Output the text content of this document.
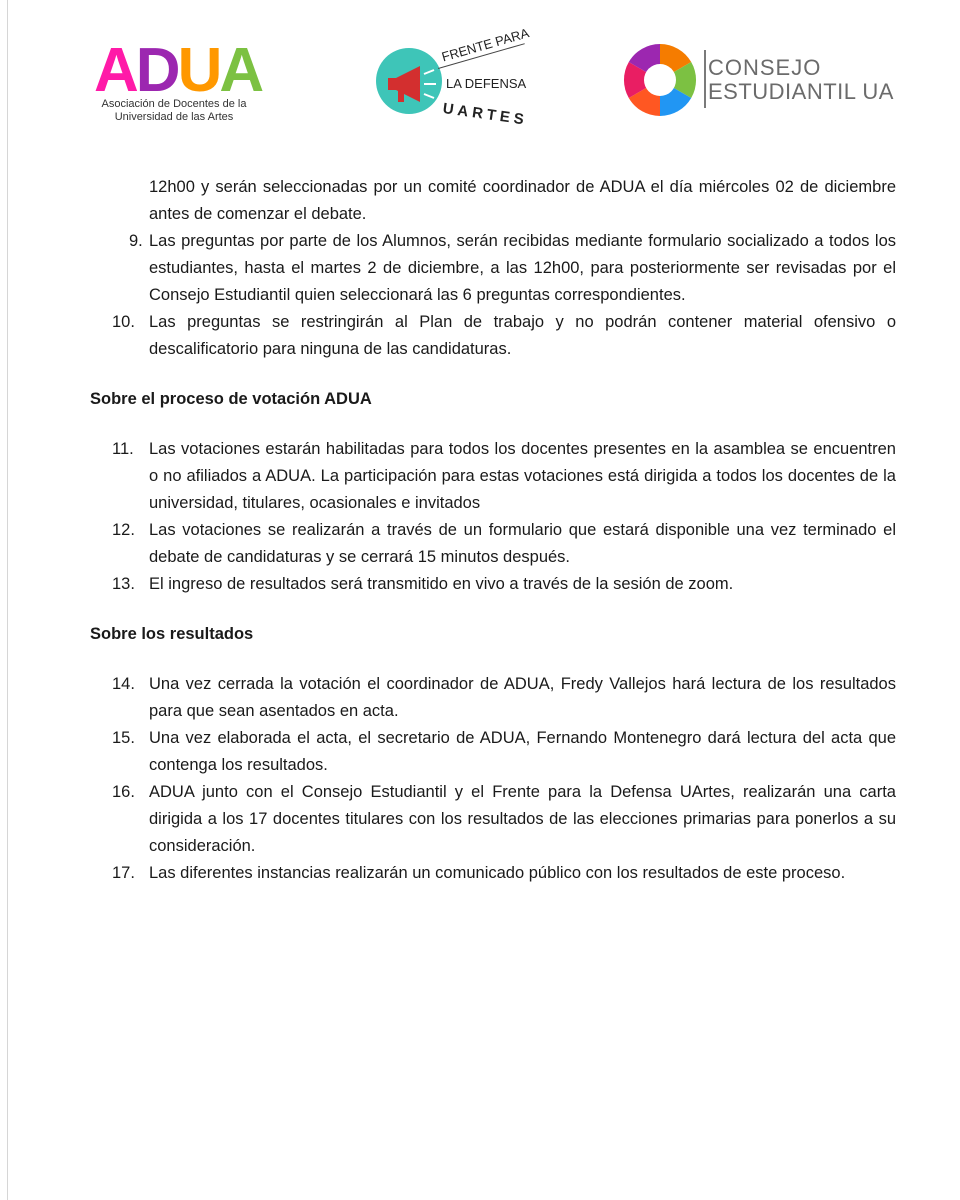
ADUA
Asociación de Docentes de la
Universidad de las Artes
FRENTE PARA
LA DEFENSA
UARTES
CONSEJO
ESTUDIANTIL UA
12h00 y serán seleccionadas por un comité coordinador de ADUA el día miércoles 02 de diciembre antes de comenzar el debate.
9. Las preguntas por parte de los Alumnos, serán recibidas mediante formulario socializado a todos los estudiantes, hasta el martes 2 de diciembre, a las 12h00, para posteriormente ser revisadas por el Consejo Estudiantil quien seleccionará las 6 preguntas correspondientes.
10. Las preguntas se restringirán al Plan de trabajo y no podrán contener material ofensivo o descalificatorio para ninguna de las candidaturas.
Sobre el proceso de votación ADUA
11. Las votaciones estarán habilitadas para todos los docentes presentes en la asamblea se encuentren o no afiliados a ADUA. La participación para estas votaciones está dirigida a todos los docentes de la universidad, titulares, ocasionales e invitados
12. Las votaciones se realizarán a través de un formulario que estará disponible una vez terminado el debate de candidaturas y se cerrará 15 minutos después.
13. El ingreso de resultados será transmitido en vivo a través de la sesión de zoom.
Sobre los resultados
14. Una vez cerrada la votación el coordinador de ADUA, Fredy Vallejos hará lectura de los resultados para que sean asentados en acta.
15. Una vez elaborada el acta, el secretario de ADUA, Fernando Montenegro dará lectura del acta que contenga los resultados.
16. ADUA junto con el Consejo Estudiantil y el Frente para la Defensa UArtes, realizarán una carta dirigida a los 17 docentes titulares con los resultados de las elecciones primarias para ponerlos a su consideración.
17. Las diferentes instancias realizarán un comunicado público con los resultados de este proceso.
